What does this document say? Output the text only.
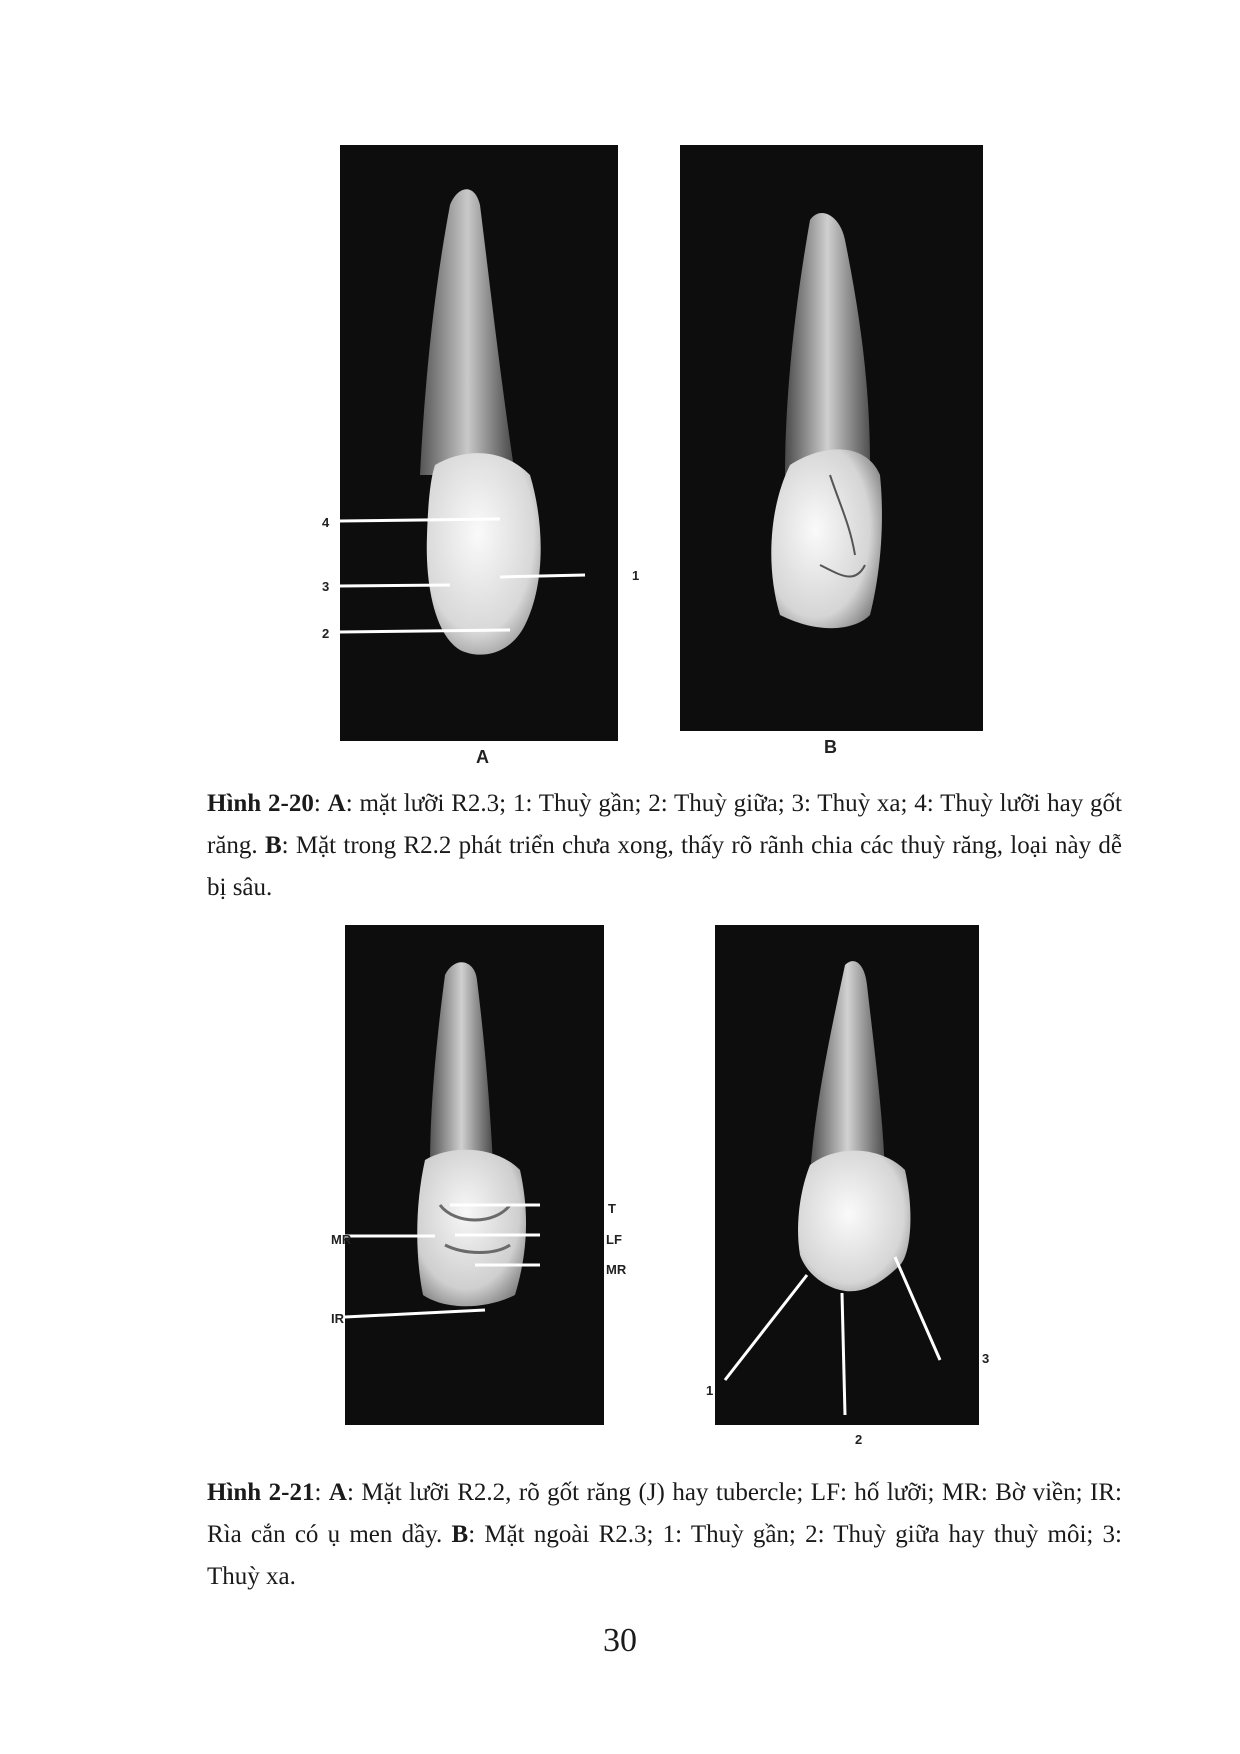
4
3
2
1
A	B
Hình 2-20: A: mặt lưỡi R2.3; 1: Thuỳ gần; 2: Thuỳ giữa; 3: Thuỳ xa; 4: Thuỳ lưỡi hay gốt răng. B: Mặt trong R2.2 phát triển chưa xong, thấy rõ rãnh chia các thuỳ răng, loại này dễ bị sâu.
T
MR	LF
MR
IR
1
2
3
Hình 2-21: A: Mặt lưỡi R2.2, rõ gốt răng (J) hay tubercle; LF: hố lưỡi; MR: Bờ viền; IR: Rìa cắn có ụ men dầy. B: Mặt ngoài R2.3; 1: Thuỳ gần; 2: Thuỳ giữa hay thuỳ môi; 3: Thuỳ xa.
30
